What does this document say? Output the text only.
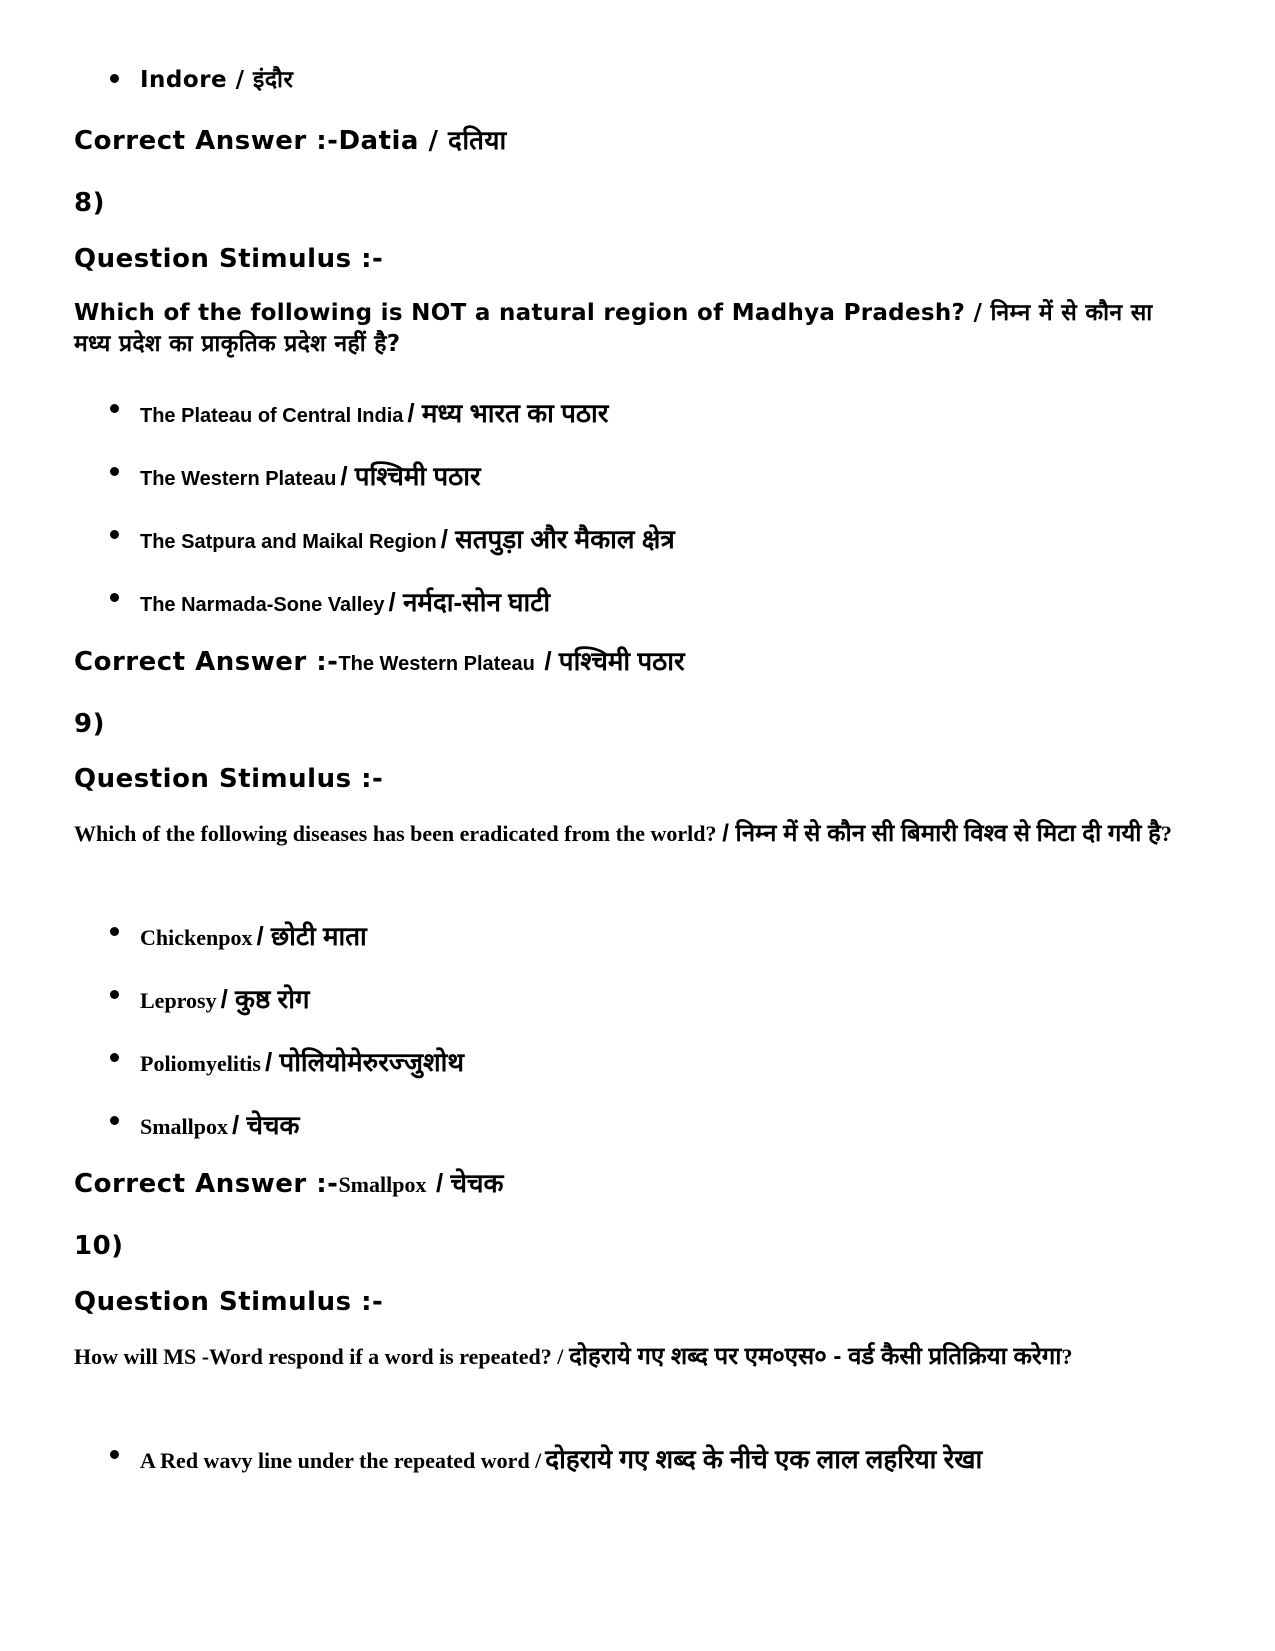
Indore / इंदौर
Correct Answer :-Datia / दतिया
8)
Question Stimulus :-
Which of the following is NOT a natural region of Madhya Pradesh? / निम्न में से कौन सा मध्य प्रदेश का प्राकृतिक प्रदेश नहीं है?
The Plateau of Central India / मध्य भारत का पठार
The Western Plateau / पश्चिमी पठार
The Satpura and Maikal Region / सतपुड़ा और मैकाल क्षेत्र
The Narmada-Sone Valley / नर्मदा-सोन घाटी
Correct Answer :-The Western Plateau / पश्चिमी पठार
9)
Question Stimulus :-
Which of the following diseases has been eradicated from the world? / निम्न में से कौन सी बिमारी विश्व से मिटा दी गयी है?
Chickenpox / छोटी माता
Leprosy / कुष्ठ रोग
Poliomyelitis / पोलियोमेरुरज्जुशोथ
Smallpox / चेचक
Correct Answer :-Smallpox / चेचक
10)
Question Stimulus :-
How will MS -Word respond if a word is repeated? / दोहराये गए शब्द पर एम०एस० - वर्ड कैसी प्रतिक्रिया करेगा?
A Red wavy line under the repeated word / दोहराये गए शब्द के नीचे एक लाल लहरिया रेखा
